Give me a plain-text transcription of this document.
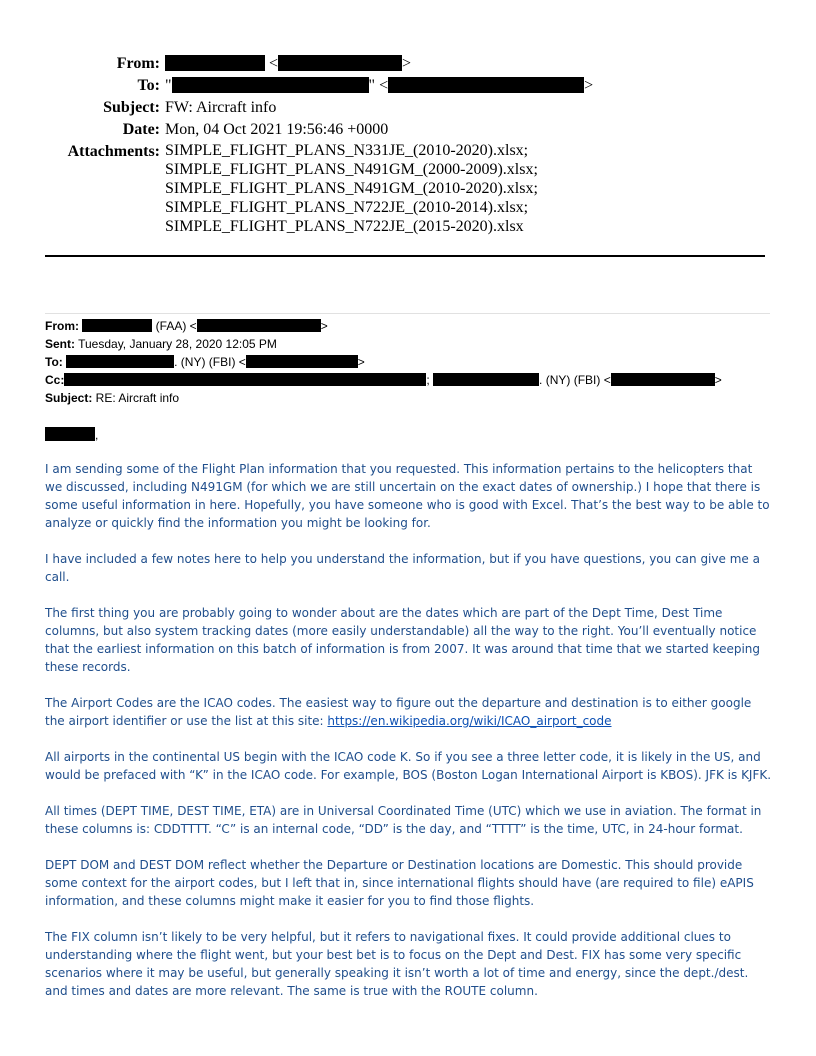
From:	<	>
To: "	" <	>
Subject: FW: Aircraft info
Date: Mon, 04 Oct 2021 19:56:46 +0000
Attachments: SIMPLE_FLIGHT_PLANS_N331JE_(2010-2020).xlsx;
SIMPLE_FLIGHT_PLANS_N491GM_(2000-2009).xlsx;
SIMPLE_FLIGHT_PLANS_N491GM_(2010-2020).xlsx;
SIMPLE_FLIGHT_PLANS_N722JE_(2010-2014).xlsx;
SIMPLE_FLIGHT_PLANS_N722JE_(2015-2020).xlsx
From:	(FAA) <	>
Sent: Tuesday, January 28, 2020 12:05 PM
To:	. (NY) (FBI) <	>
Cc:	;	. (NY) (FBI) <	>
Subject: RE: Aircraft info
,

I am sending some of the Flight Plan information that you requested. This information pertains to the helicopters that we discussed, including N491GM (for which we are still uncertain on the exact dates of ownership.) I hope that there is some useful information in here. Hopefully, you have someone who is good with Excel. That’s the best way to be able to analyze or quickly find the information you might be looking for.

I have included a few notes here to help you understand the information, but if you have questions, you can give me a call.

The first thing you are probably going to wonder about are the dates which are part of the Dept Time, Dest Time columns, but also system tracking dates (more easily understandable) all the way to the right. You’ll eventually notice that the earliest information on this batch of information is from 2007. It was around that time that we started keeping these records.

The Airport Codes are the ICAO codes. The easiest way to figure out the departure and destination is to either google the airport identifier or use the list at this site: https://en.wikipedia.org/wiki/ICAO_airport_code

All airports in the continental US begin with the ICAO code K. So if you see a three letter code, it is likely in the US, and would be prefaced with “K” in the ICAO code. For example, BOS (Boston Logan International Airport is KBOS). JFK is KJFK.

All times (DEPT TIME, DEST TIME, ETA) are in Universal Coordinated Time (UTC) which we use in aviation. The format in these columns is: CDDTTTT. “C” is an internal code, “DD” is the day, and “TTTT” is the time, UTC, in 24-hour format.

DEPT DOM and DEST DOM reflect whether the Departure or Destination locations are Domestic. This should provide some context for the airport codes, but I left that in, since international flights should have (are required to file) eAPIS information, and these columns might make it easier for you to find those flights.

The FIX column isn’t likely to be very helpful, but it refers to navigational fixes. It could provide additional clues to understanding where the flight went, but your best bet is to focus on the Dept and Dest. FIX has some very specific scenarios where it may be useful, but generally speaking it isn’t worth a lot of time and energy, since the dept./dest. and times and dates are more relevant. The same is true with the ROUTE column.
